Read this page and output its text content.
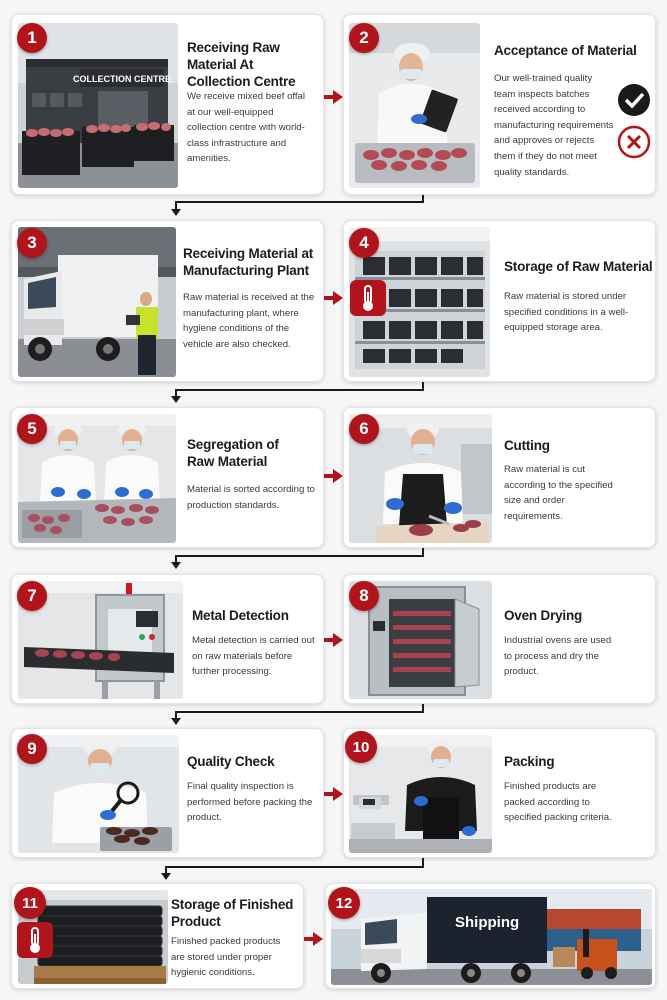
COLLECTION CENTRE
Receiving Raw Material At Collection Centre
We receive mixed beef offal at our well-equipped collection centre with world-class infrastructure and amenities.
1
Acceptance of Material
Our well-trained quality team inspects batches received according to manufacturing requirements and approves or rejects them if they do not meet quality standards.
2
Receiving Material at Manufacturing Plant
Raw material is received at the manufacturing plant, where hygiene conditions of the vehicle are also checked.
3
Storage of Raw Material
Raw material is stored under specified conditions in a well-equipped storage area.
4
Segregation of Raw Material
Material is sorted according to production standards.
5
Cutting
Raw material is cut according to the specified size and order requirements.
6
Metal Detection
Metal detection is carried out on raw materials before further processing.
7
Oven Drying
Industrial ovens are used to process and dry the product.
8
Quality Check
Final quality inspection is performed before packing the product.
9
Packing
Finished products are packed according to specified packing criteria.
10
Storage of Finished Product
Finished packed products are stored under proper hygienic conditions.
11
Shipping
12
